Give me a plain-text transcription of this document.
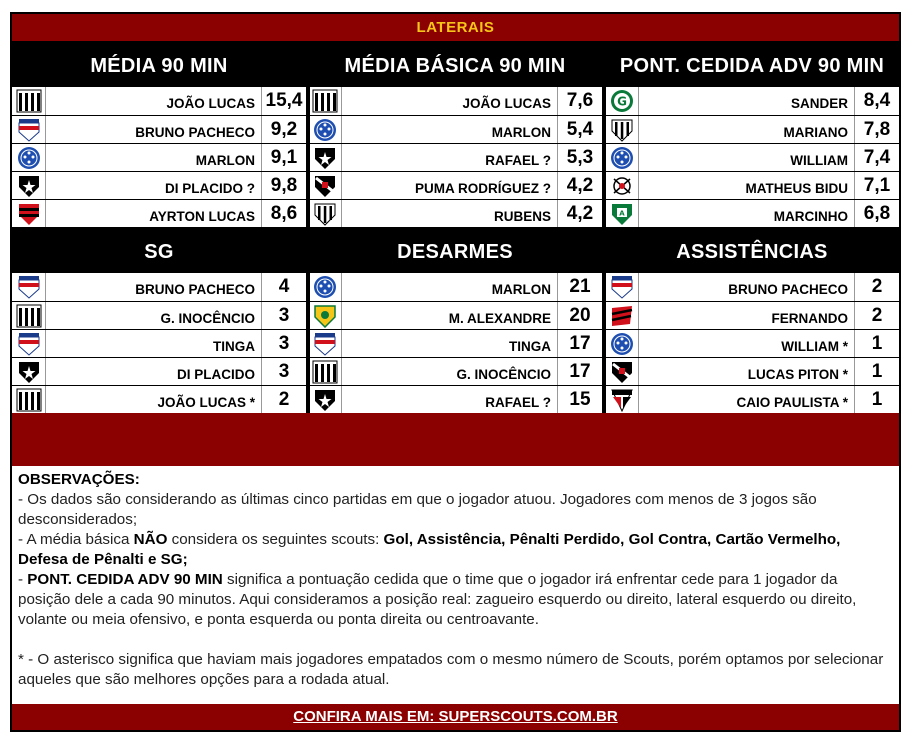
LATERAIS
MÉDIA 90 MIN
JOÃO LUCAS 15,4
BRUNO PACHECO 9,2
MARLON 9,1
DI PLACIDO ? 9,8
AYRTON LUCAS 8,6
MÉDIA BÁSICA 90 MIN
JOÃO LUCAS 7,6
MARLON 5,4
RAFAEL ? 5,3
PUMA RODRÍGUEZ ? 4,2
RUBENS 4,2
PONT. CEDIDA ADV 90 MIN
G	SANDER 8,4
MARIANO 7,8
WILLIAM 7,4
MATHEUS BIDU 7,1
A	MARCINHO 6,8
SG
BRUNO PACHECO	4
G. INOCÊNCIO	3
TINGA	3
DI PLACIDO	3
JOÃO LUCAS *	2
DESARMES
MARLON 21
M. ALEXANDRE 20
TINGA 17
G. INOCÊNCIO 17
RAFAEL ? 15
ASSISTÊNCIAS
BRUNO PACHECO	2
FERNANDO	2
WILLIAM *	1
LUCAS PITON *	1
CAIO PAULISTA *	1
OBSERVAÇÕES:
- Os dados são considerando as últimas cinco partidas em que o jogador atuou. Jogadores com menos de 3 jogos são desconsiderados;
- A média básica NÃO considera os seguintes scouts: Gol, Assistência, Pênalti Perdido, Gol Contra, Cartão Vermelho, Defesa de Pênalti e SG;
- PONT. CEDIDA ADV 90 MIN significa a pontuação cedida que o time que o jogador irá enfrentar cede para 1 jogador da posição dele a cada 90 minutos. Aqui consideramos a posição real: zagueiro esquerdo ou direito, lateral esquerdo ou direito, volante ou meia ofensivo, e ponta esquerda ou ponta direita ou centroavante.
* - O asterisco significa que haviam mais jogadores empatados com o mesmo número de Scouts, porém optamos por selecionar aqueles que são melhores opções para a rodada atual.
CONFIRA MAIS EM: SUPERSCOUTS.COM.BR
